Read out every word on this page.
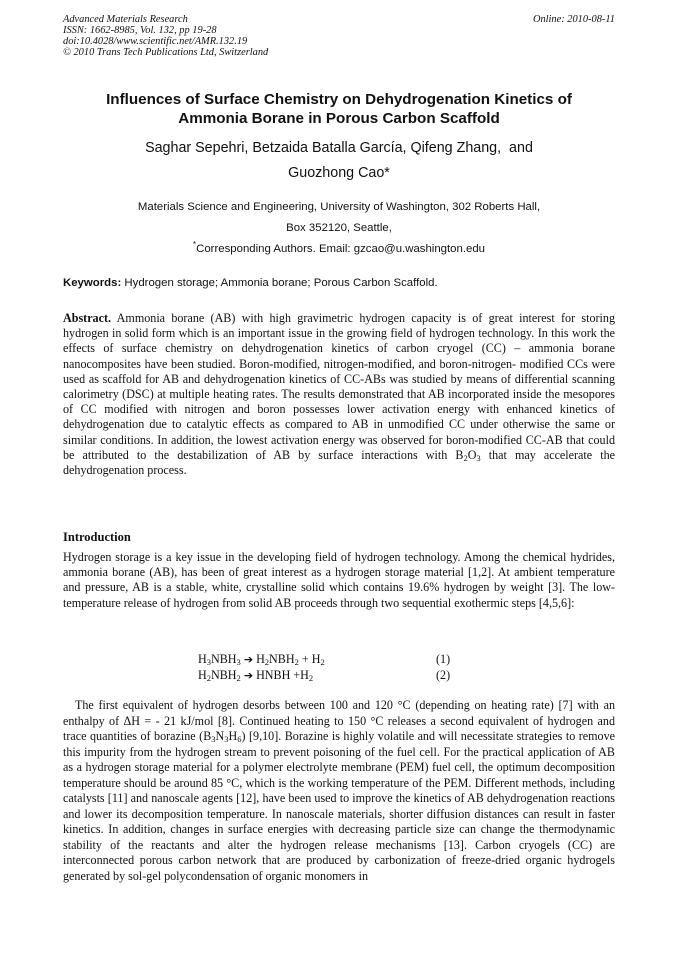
Advanced Materials Research
ISSN: 1662-8985, Vol. 132, pp 19-28
doi:10.4028/www.scientific.net/AMR.132.19
© 2010 Trans Tech Publications Ltd, Switzerland
Online: 2010-08-11
Influences of Surface Chemistry on Dehydrogenation Kinetics of
Ammonia Borane in Porous Carbon Scaffold
Saghar Sepehri, Betzaida Batalla García, Qifeng Zhang,  and
Guozhong Cao*
Materials Science and Engineering, University of Washington, 302 Roberts Hall,
Box 352120, Seattle,
*Corresponding Authors. Email: gzcao@u.washington.edu
Keywords: Hydrogen storage; Ammonia borane; Porous Carbon Scaffold.
Abstract. Ammonia borane (AB) with high gravimetric hydrogen capacity is of great interest for storing hydrogen in solid form which is an important issue in the growing field of hydrogen technology. In this work the effects of surface chemistry on dehydrogenation kinetics of carbon cryogel (CC) – ammonia borane nanocomposites have been studied. Boron-modified, nitrogen-modified, and boron-nitrogen- modified CCs were used as scaffold for AB and dehydrogenation kinetics of CC-ABs was studied by means of differential scanning calorimetry (DSC) at multiple heating rates. The results demonstrated that AB incorporated inside the mesopores of CC modified with nitrogen and boron possesses lower activation energy with enhanced kinetics of dehydrogenation due to catalytic effects as compared to AB in unmodified CC under otherwise the same or similar conditions. In addition, the lowest activation energy was observed for boron-modified CC-AB that could be attributed to the destabilization of AB by surface interactions with $B_2O_3$ that may accelerate the dehydrogenation process.
Introduction
Hydrogen storage is a key issue in the developing field of hydrogen technology. Among the chemical hydrides, ammonia borane (AB), has been of great interest as a hydrogen storage material [1,2]. At ambient temperature and pressure, AB is a stable, white, crystalline solid which contains 19.6% hydrogen by weight [3]. The low-temperature release of hydrogen from solid AB proceeds through two sequential exothermic steps [4,5,6]:
$H_3NBH_3$ ➔ $H_2NBH_2 + H_2$	(1)
$H_2NBH_2$ ➔ HNBH $+H_2$	(2)
The first equivalent of hydrogen desorbs between 100 and 120 °C (depending on heating rate) [7] with an enthalpy of ΔH = - 21 kJ/mol [8]. Continued heating to 150 °C releases a second equivalent of hydrogen and trace quantities of borazine $(B_3N_3H_6)$ [9,10]. Borazine is highly volatile and will necessitate strategies to remove this impurity from the hydrogen stream to prevent poisoning of the fuel cell. For the practical application of AB as a hydrogen storage material for a polymer electrolyte membrane (PEM) fuel cell, the optimum decomposition temperature should be around 85 °C, which is the working temperature of the PEM. Different methods, including catalysts [11] and nanoscale agents [12], have been used to improve the kinetics of AB dehydrogenation reactions and lower its decomposition temperature. In nanoscale materials, shorter diffusion distances can result in faster kinetics. In addition, changes in surface energies with decreasing particle size can change the thermodynamic stability of the reactants and alter the hydrogen release mechanisms [13]. Carbon cryogels (CC) are interconnected porous carbon network that are produced by carbonization of freeze-dried organic hydrogels generated by sol-gel polycondensation of organic monomers in
